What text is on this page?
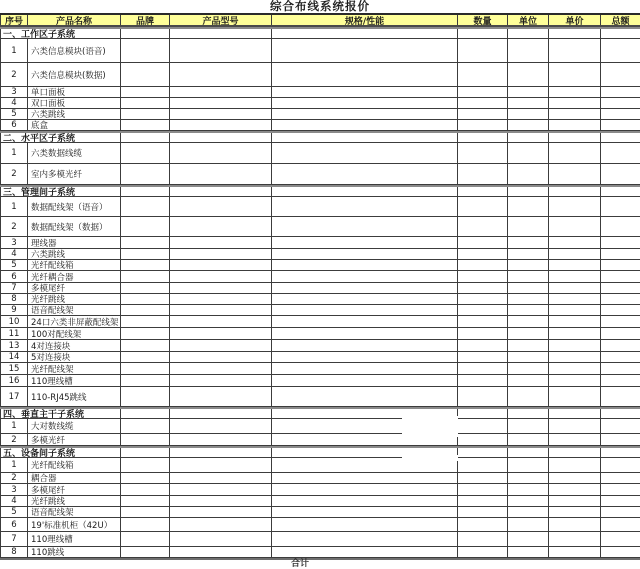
综合布线系统报价
序号	产品名称	品牌	产品型号	规格/性能	数量	单位	单价	总额
一、工作区子系统
1	六类信息模块(语音)
2	六类信息模块(数据)
3	单口面板
4	双口面板
5	六类跳线
6	底盒
二、水平区子系统
1	六类数据线缆
2	室内多模光纤
三、管理间子系统
1	数据配线架（语音）
2	数据配线架（数据）
3	理线器
4	六类跳线
5	光纤配线箱
6	光纤耦合器
7	多模尾纤
8	光纤跳线
9	语音配线架
10	24口六类非屏蔽配线架
11	100对配线架
13	4对连接块
14	5对连接块
15	光纤配线架
16	110理线槽
17	110-RJ45跳线
四、垂直主干子系统
1	大对数线缆
2	多模光纤
五、设备间子系统
1	光纤配线箱
2	耦合器
3	多模尾纤
4	光纤跳线
5	语音配线架
6	19'标准机柜（42U）
7	110理线槽
8	110跳线
合计
